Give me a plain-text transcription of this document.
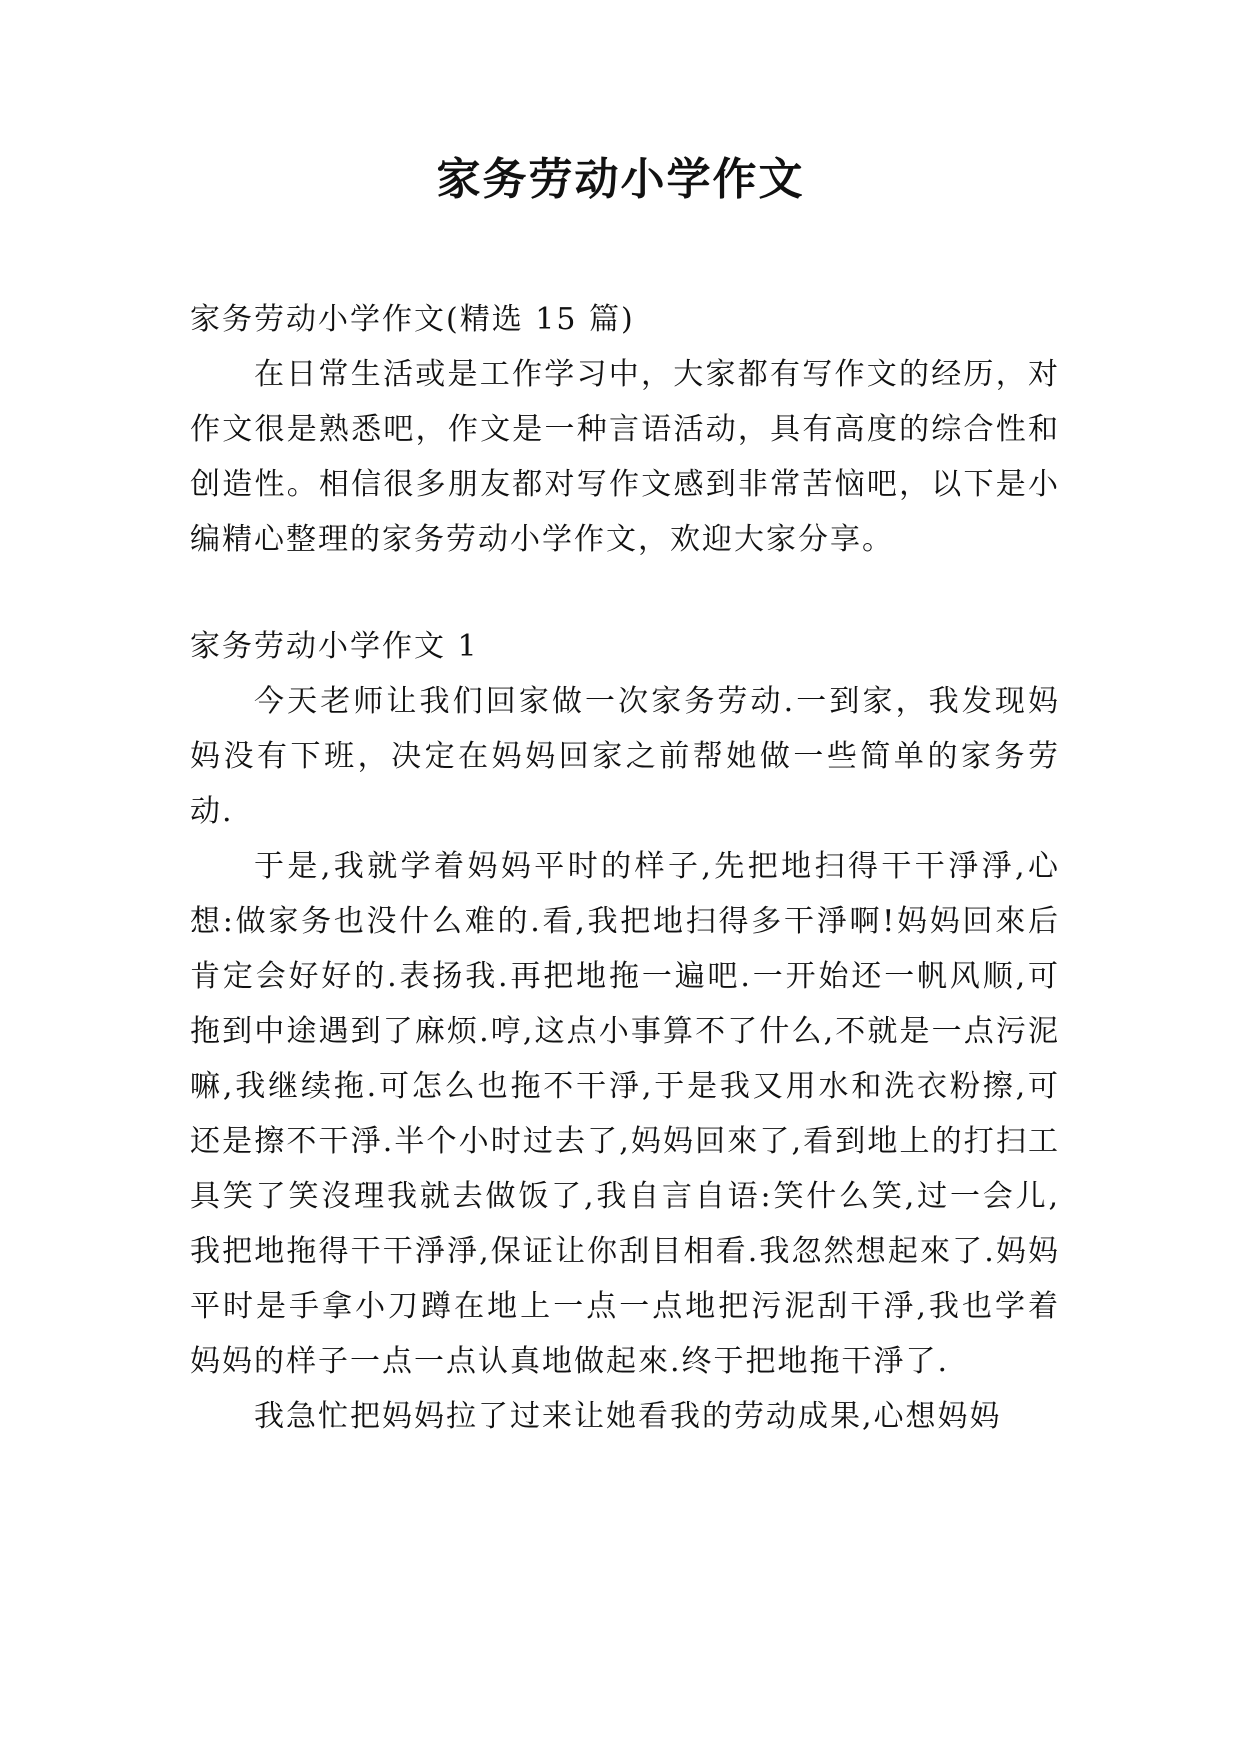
家务劳动小学作文

家务劳动小学作文(精选 15 篇)

在日常生活或是工作学习中，大家都有写作文的经历，对作文很是熟悉吧，作文是一种言语活动，具有高度的综合性和创造性。相信很多朋友都对写作文感到非常苦恼吧，以下是小编精心整理的家务劳动小学作文，欢迎大家分享。

家务劳动小学作文 1

今天老师让我们回家做一次家务劳动.一到家，我发现妈妈没有下班，决定在妈妈回家之前帮她做一些简单的家务劳动.

于是,我就学着妈妈平时的样子,先把地扫得干干淨淨,心想:做家务也没什么难的.看,我把地扫得多干淨啊!妈妈回來后肯定会好好的.表扬我.再把地拖一遍吧.一开始还一帆风顺,可拖到中途遇到了麻烦.哼,这点小事算不了什么,不就是一点污泥嘛,我继续拖.可怎么也拖不干淨,于是我又用水和洗衣粉擦,可还是擦不干淨.半个小时过去了,妈妈回來了,看到地上的打扫工具笑了笑沒理我就去做饭了,我自言自语:笑什么笑,过一会儿,我把地拖得干干淨淨,保证让你刮目相看.我忽然想起來了.妈妈平时是手拿小刀蹲在地上一点一点地把污泥刮干淨,我也学着妈妈的样子一点一点认真地做起來.终于把地拖干淨了.

我急忙把妈妈拉了过来让她看我的劳动成果,心想妈妈
